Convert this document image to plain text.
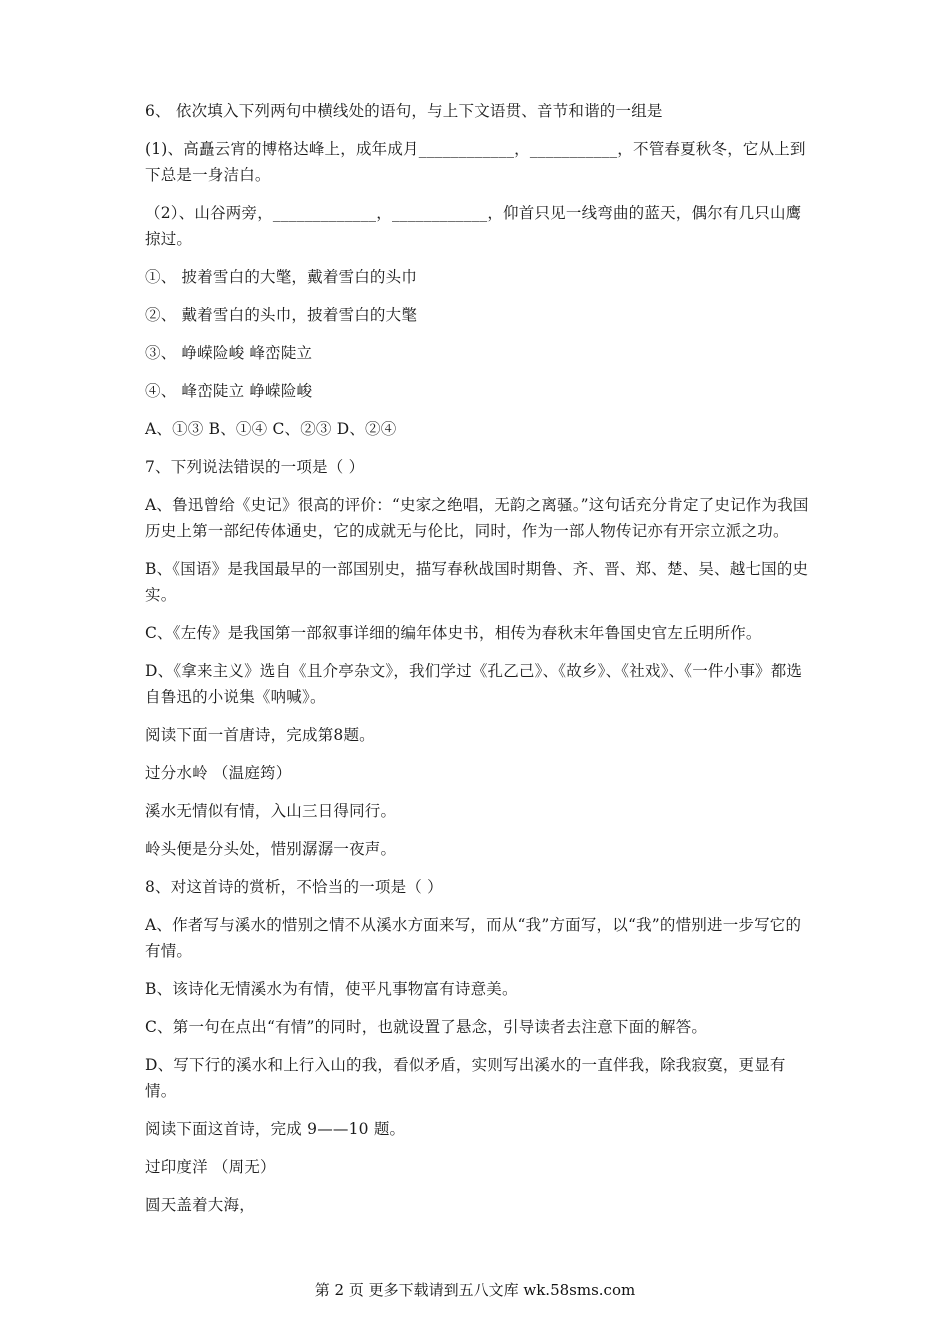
6、 依次填入下列两句中横线处的语句，与上下文语贯、音节和谐的一组是

(1)、高矗云宵的博格达峰上，成年成月____________，___________，不管春夏秋冬，它从上到下总是一身洁白。

（2）、山谷两旁，_____________，____________，仰首只见一线弯曲的蓝天，偶尔有几只山鹰掠过。

①、 披着雪白的大氅，戴着雪白的头巾

②、 戴着雪白的头巾，披着雪白的大氅

③、 峥嵘险峻 峰峦陡立

④、 峰峦陡立 峥嵘险峻

A、①③ B、①④ C、②③ D、②④

7、下列说法错误的一项是（ ）

A、鲁迅曾给《史记》很高的评价：“史家之绝唱，无韵之离骚。”这句话充分肯定了史记作为我国历史上第一部纪传体通史，它的成就无与伦比，同时，作为一部人物传记亦有开宗立派之功。

B、《国语》是我国最早的一部国别史，描写春秋战国时期鲁、齐、晋、郑、楚、吴、越七国的史实。

C、《左传》是我国第一部叙事详细的编年体史书，相传为春秋末年鲁国史官左丘明所作。

D、《拿来主义》选自《且介亭杂文》，我们学过《孔乙己》、《故乡》、《社戏》、《一件小事》都选自鲁迅的小说集《呐喊》。

阅读下面一首唐诗，完成第8题。

过分水岭 （温庭筠）

溪水无情似有情，入山三日得同行。

岭头便是分头处，惜别潺潺一夜声。

8、对这首诗的赏析，不恰当的一项是（ ）

A、作者写与溪水的惜别之情不从溪水方面来写，而从“我”方面写，以“我”的惜别进一步写它的有情。

B、该诗化无情溪水为有情，使平凡事物富有诗意美。

C、第一句在点出“有情”的同时，也就设置了悬念，引导读者去注意下面的解答。

D、写下行的溪水和上行入山的我，看似矛盾，实则写出溪水的一直伴我，除我寂寞，更显有情。

阅读下面这首诗，完成 9——10 题。

过印度洋 （周无）

圆天盖着大海，

第 2 页 更多下载请到五八文库 wk.58sms.com
